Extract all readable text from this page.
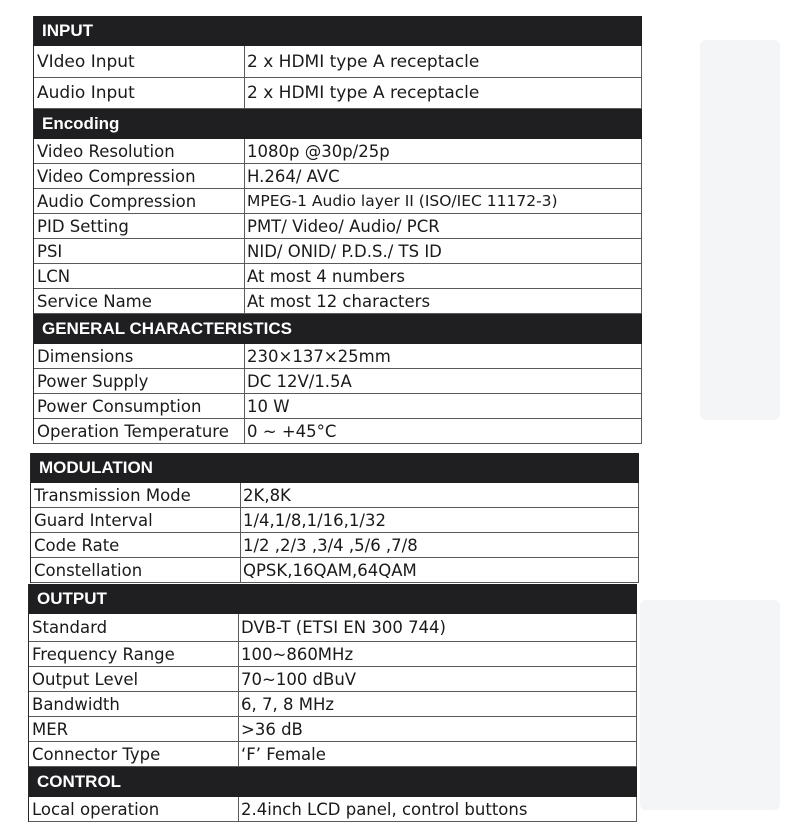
INPUT
VIdeo Input	2 x HDMI type A receptacle
Audio Input	2 x HDMI type A receptacle
Encoding
Video Resolution	1080p @30p/25p
Video Compression	H.264/ AVC
Audio Compression	MPEG-1 Audio layer II (ISO/IEC 11172-3)
PID Setting	PMT/ Video/ Audio/ PCR
PSI	NID/ ONID/ P.D.S./ TS ID
LCN	At most 4 numbers
Service Name	At most 12 characters
GENERAL CHARACTERISTICS
Dimensions	230×137×25mm
Power Supply	DC 12V/1.5A
Power Consumption	10 W
Operation Temperature	0 ~ +45°C
MODULATION
Transmission Mode	2K,8K
Guard Interval	1/4,1/8,1/16,1/32
Code Rate	1/2 ,2/3 ,3/4 ,5/6 ,7/8
Constellation	QPSK,16QAM,64QAM
OUTPUT
Standard	DVB-T (ETSI EN 300 744)
Frequency Range	100~860MHz
Output Level	70~100 dBuV
Bandwidth	6, 7, 8 MHz
MER	>36 dB
Connector Type	‘F’ Female
CONTROL
Local operation	2.4inch LCD panel, control buttons
